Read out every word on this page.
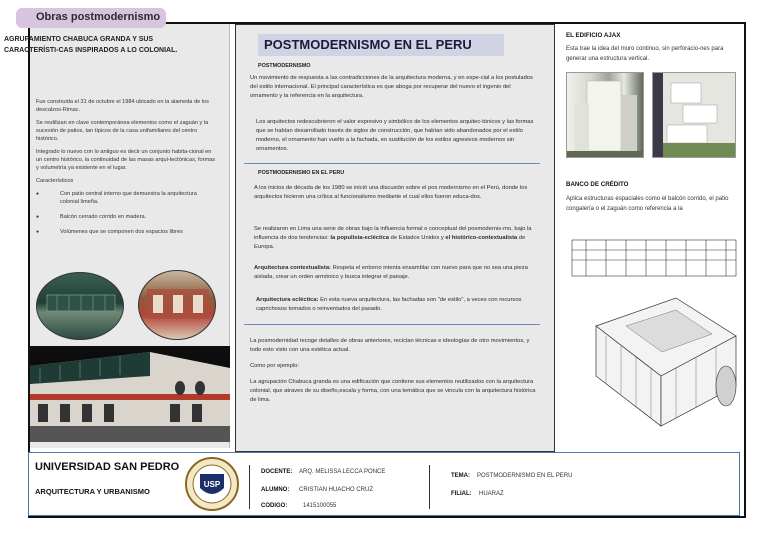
Obras postmodernismo
AGRUPAMIENTO CHABUCA GRANDA Y SUS CARACTERÍSTI-CAS INSPIRADOS A LO COLONIAL.

Fue construida el 31 de octubre el 1984 ubicado en la alameda de los descalzos-Rimac.

Se reutilizan en clave contemporánea elementos como el zaguán y la sucesión de patios, tan típicos de la casa unifamiliares del centro histórico.

Integrado lo nuevo con lo antiguo es decir un conjunto habita-cional en un centro histórico, la continuidad de las masas arqui-tectónicas, formas y volumetría ya existente en el lugar.

Característicos

● Con patio central interno que demuestra la arquitectura colonial limeña.
● Balcón cerrado corrido en madera.
● Volúmenes que se componen dos espacios libres
POSTMODERNISMO EN EL PERU
POSTMODERNISMO
Un movimiento de respuesta a las contradicciones de la arquitectura moderna, y en espe-cial a los postulados del estilo internacional. El principal característica es que aboga por recuperar del nuevo el ingenio del ornamento y la referencia en la arquitectura.
Los arquitectos redescubrieron el valor expresivo y simbólico de los elementos arquitec-tónicos y las formas que se habían desarrollado través de siglos de construcción, que habían sido abandonados por el estilo moderno, el ornamento han vuelto a la fachada, en sustitución de los estilos agresivos modernos sin ornamentos.
POSTMODERNISMO EN EL PERU
A los inicios de década de los 1980 se inició una discusión sobre el pos modernismo en el Perú, donde los arquitectos hicieron una crítica al funcionalismo mediante el cual ellos fueron educa-dos.
Se realizaron en Lima una serie de obras bajo la influencia formal o conceptual del posmodernis-mo, bajo la influencia de dos tendencias: la populista-ecléctica de Estados Unidos y el histórico-contextualista de Europa.
Arquitectura contextualista: Respeta el entorno intenta ensamblar con nuevo para que no sea una pieza aislada, crear un orden armónico y busca integrar el paisaje.
Arquitectura ecléctica: En esta nueva arquitectura, las fachadas son "de estilo", a veces con recursos caprichosos tomados o reinventados del pasado.
La posmodernidad recoge detalles de obras anteriores, reciclan técnicas e ideologías de otro movimientos, y todo esto visto con una estética actual.
Como por ejemplo:
La agrupación Chabuca granda es una edificación que contiene sus elementos reutilizados con la arquitectura colonial, que atraves de su diseño,escala y forma, con una temática que se vincula con la arquitectura histórica de lima.
EL EDIFICIO AJAX
Esta trae la idea del muro continuo, sin perforacio-nes para generar una estructura vertical.
BANCO DE CRÉDITO
Aplica estructuras espaciales como el balcón corrido, el patio congalería o el zaguán como referencia a la
UNIVERSIDAD SAN PEDRO
ARQUITECTURA Y URBANISMO
USP
DOCENTE: ARQ. MELISSA LECCA PONCE
ALUMNO: CRISTIAN HUACHO CRUZ
CODIGO:	1415100055
TEMA: POSTMODERNISMO EN EL PERU
FILIAL: HUARAZ
